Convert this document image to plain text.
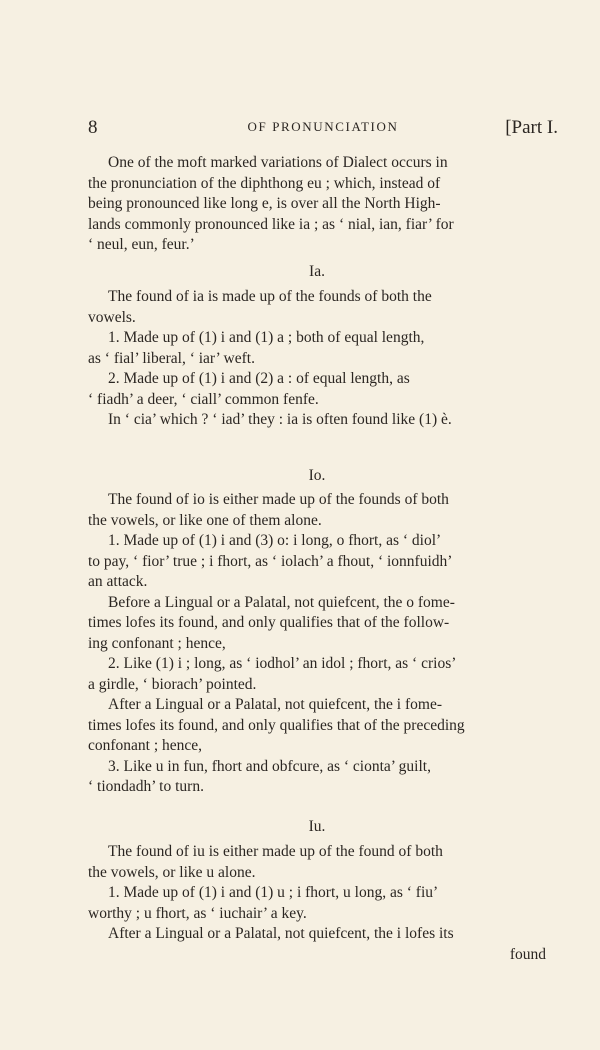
8	OF PRONUNCIATION	[Part I.

One of the moft marked variations of Dialect occurs in

the pronunciation of the diphthong eu ; which, instead of

being pronounced like long e, is over all the North High-

lands commonly pronounced like ia ; as ‘ nial, ian, fiar’ for

‘ neul, eun, feur.’

Ia.

The found of ia is made up of the founds of both the

vowels.

1. Made up of (1) i and (1) a ; both of equal length,

as ‘ fial’ liberal, ‘ iar’ weft.

2. Made up of (1) i and (2) a : of equal length, as

‘ fiadh’ a deer, ‘ ciall’ common fenfe.

In ‘ cia’ which ? ‘ iad’ they : ia is often found like (1) è.

Io.

The found of io is either made up of the founds of both

the vowels, or like one of them alone.

1. Made up of (1) i and (3) o: i long, o fhort, as ‘ diol’

to pay, ‘ fior’ true ; i fhort, as ‘ iolach’ a fhout, ‘ ionnfuidh’

an attack.

Before a Lingual or a Palatal, not quiefcent, the o fome-

times lofes its found, and only qualifies that of the follow-

ing confonant ; hence,

2. Like (1) i ; long, as ‘ iodhol’ an idol ; fhort, as ‘ crios’

a girdle, ‘ biorach’ pointed.

After a Lingual or a Palatal, not quiefcent, the i fome-

times lofes its found, and only qualifies that of the preceding

confonant ; hence,

3. Like u in fun, fhort and obfcure, as ‘ cionta’ guilt,

‘ tiondadh’ to turn.

Iu.

The found of iu is either made up of the found of both

the vowels, or like u alone.

1. Made up of (1) i and (1) u ; i fhort, u long, as ‘ fiu’

worthy ; u fhort, as ‘ iuchair’ a key.

After a Lingual or a Palatal, not quiefcent, the i lofes its

found
